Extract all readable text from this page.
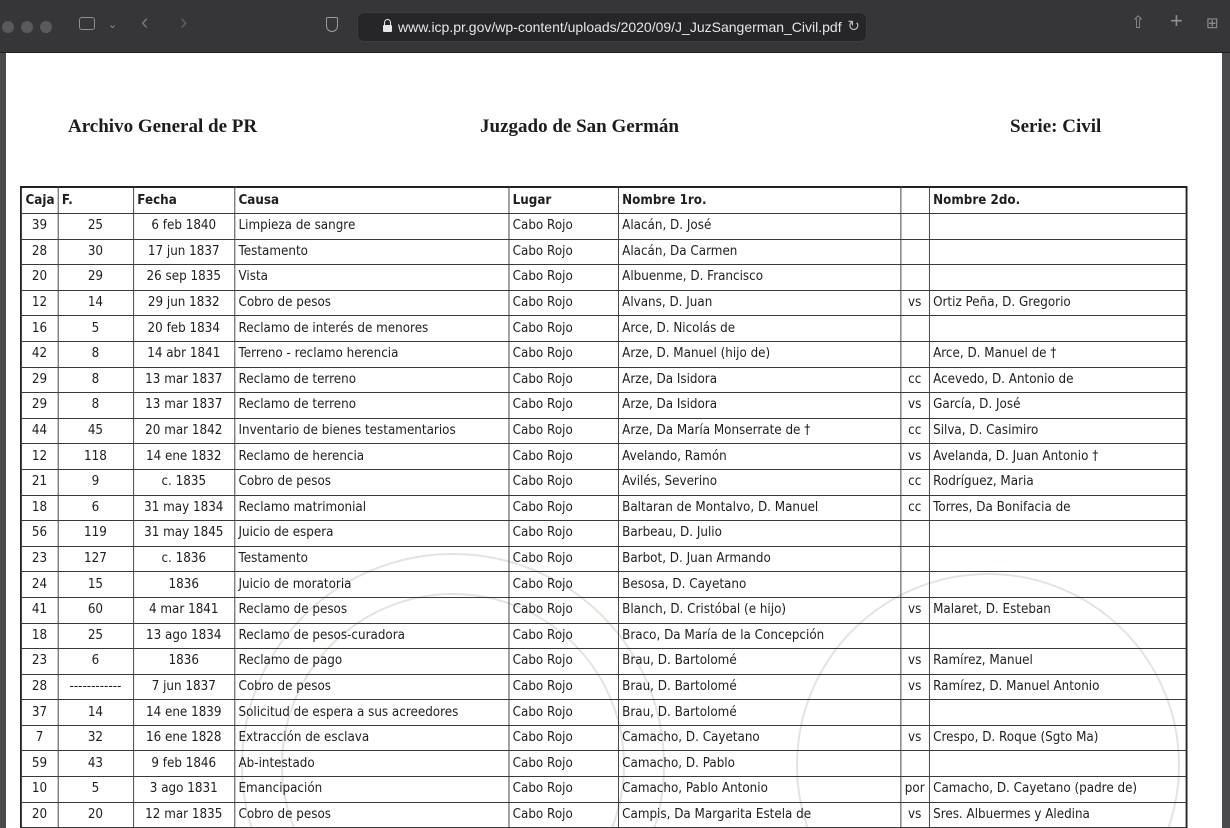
⌄ ‹ ›	www.icp.pr.gov/wp-content/uploads/2020/09/J_JuzSangerman_Civil.pdf ↻	⇧ + ⊞
Archivo General de PR	Juzgado de San Germán	Serie: Civil
Caja	F.	Fecha	Causa	Lugar	Nombre 1ro.		Nombre 2do.
39	25	6 feb 1840	Limpieza de sangre	Cabo Rojo	Alacán, D. José		
28	30	17 jun 1837	Testamento	Cabo Rojo	Alacán, Da Carmen		
20	29	26 sep 1835	Vista	Cabo Rojo	Albuenme, D. Francisco		
12	14	29 jun 1832	Cobro de pesos	Cabo Rojo	Alvans, D. Juan	vs	Ortiz Peña, D. Gregorio
16	5	20 feb 1834	Reclamo de interés de menores	Cabo Rojo	Arce, D. Nicolás de		
42	8	14 abr 1841	Terreno - reclamo herencia	Cabo Rojo	Arze, D. Manuel (hijo de)		Arce, D. Manuel de †
29	8	13 mar 1837	Reclamo de terreno	Cabo Rojo	Arze, Da Isidora	cc	Acevedo, D. Antonio de
29	8	13 mar 1837	Reclamo de terreno	Cabo Rojo	Arze, Da Isidora	vs	García, D. José
44	45	20 mar 1842	Inventario de bienes testamentarios	Cabo Rojo	Arze, Da María Monserrate de †	cc	Silva, D. Casimiro
12	118	14 ene 1832	Reclamo de herencia	Cabo Rojo	Avelando, Ramón	vs	Avelanda, D. Juan Antonio †
21	9	c. 1835	Cobro de pesos	Cabo Rojo	Avilés, Severino	cc	Rodríguez, Maria
18	6	31 may 1834	Reclamo matrimonial	Cabo Rojo	Baltaran de Montalvo, D. Manuel	cc	Torres, Da Bonifacia de
56	119	31 may 1845	Juicio de espera	Cabo Rojo	Barbeau, D. Julio		
23	127	c. 1836	Testamento	Cabo Rojo	Barbot, D. Juan Armando		
24	15	1836	Juicio de moratoria	Cabo Rojo	Besosa, D. Cayetano		
41	60	4 mar 1841	Reclamo de pesos	Cabo Rojo	Blanch, D. Cristóbal (e hijo)	vs	Malaret, D. Esteban
18	25	13 ago 1834	Reclamo de pesos-curadora	Cabo Rojo	Braco, Da María de la Concepción		
23	6	1836	Reclamo de pago	Cabo Rojo	Brau, D. Bartolomé	vs	Ramírez, Manuel
28	------------	7 jun 1837	Cobro de pesos	Cabo Rojo	Brau, D. Bartolomé	vs	Ramírez, D. Manuel Antonio
37	14	14 ene 1839	Solicitud de espera a sus acreedores	Cabo Rojo	Brau, D. Bartolomé		
7	32	16 ene 1828	Extracción de esclava	Cabo Rojo	Camacho, D. Cayetano	vs	Crespo, D. Roque (Sgto Ma)
59	43	9 feb 1846	Ab-intestado	Cabo Rojo	Camacho, D. Pablo		
10	5	3 ago 1831	Emancipación	Cabo Rojo	Camacho, Pablo Antonio	por	Camacho, D. Cayetano (padre de)
20	20	12 mar 1835	Cobro de pesos	Cabo Rojo	Campis, Da Margarita Estela de	vs	Sres. Albuermes y Aledina
